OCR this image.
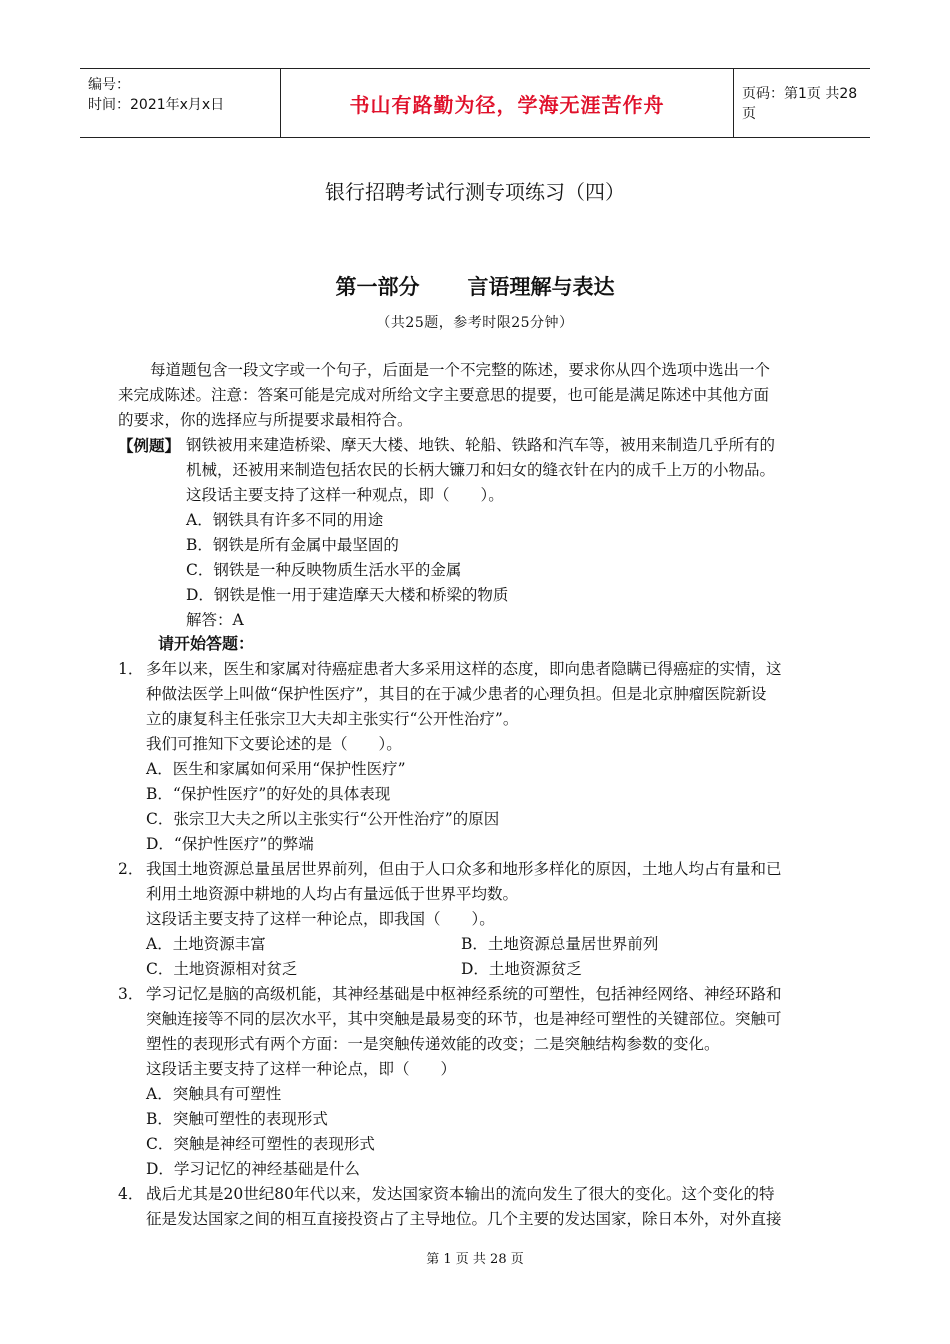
编号：
时间：2021年x月x日	书山有路勤为径，学海无涯苦作舟	页码：第1页 共28页
银行招聘考试行测专项练习（四）
第一部分 言语理解与表达
（共25题，参考时限25分钟）
每道题包含一段文字或一个句子，后面是一个不完整的陈述，要求你从四个选项中选出一个
来完成陈述。注意：答案可能是完成对所给文字主要意思的提要，也可能是满足陈述中其他方面
的要求，你的选择应与所提要求最相符合。
【例题】 钢铁被用来建造桥梁、摩天大楼、地铁、轮船、铁路和汽车等，被用来制造几乎所有的
机械，还被用来制造包括农民的长柄大镰刀和妇女的缝衣针在内的成千上万的小物品。
这段话主要支持了这样一种观点，即（　　）。
A．钢铁具有许多不同的用途
B．钢铁是所有金属中最坚固的
C．钢铁是一种反映物质生活水平的金属
D．钢铁是惟一用于建造摩天大楼和桥梁的物质
解答：A
请开始答题：
1． 多年以来，医生和家属对待癌症患者大多采用这样的态度，即向患者隐瞒已得癌症的实情，这
种做法医学上叫做“保护性医疗”，其目的在于减少患者的心理负担。但是北京肿瘤医院新设
立的康复科主任张宗卫大夫却主张实行“公开性治疗”。
我们可推知下文要论述的是（　　）。
A．医生和家属如何采用“保护性医疗”
B．“保护性医疗”的好处的具体表现
C．张宗卫大夫之所以主张实行“公开性治疗”的原因
D．“保护性医疗”的弊端
2． 我国土地资源总量虽居世界前列，但由于人口众多和地形多样化的原因，土地人均占有量和已
利用土地资源中耕地的人均占有量远低于世界平均数。
这段话主要支持了这样一种论点，即我国（　　）。
A．土地资源丰富	B．土地资源总量居世界前列
C．土地资源相对贫乏	D．土地资源贫乏
3． 学习记忆是脑的高级机能，其神经基础是中枢神经系统的可塑性，包括神经网络、神经环路和
突触连接等不同的层次水平，其中突触是最易变的环节，也是神经可塑性的关键部位。突触可
塑性的表现形式有两个方面：一是突触传递效能的改变；二是突触结构参数的变化。
这段话主要支持了这样一种论点，即（　　）
A．突触具有可塑性
B．突触可塑性的表现形式
C．突触是神经可塑性的表现形式
D．学习记忆的神经基础是什么
4． 战后尤其是20世纪80年代以来，发达国家资本输出的流向发生了很大的变化。这个变化的特
征是发达国家之间的相互直接投资占了主导地位。几个主要的发达国家，除日本外，对外直接
第 1 页 共 28 页
